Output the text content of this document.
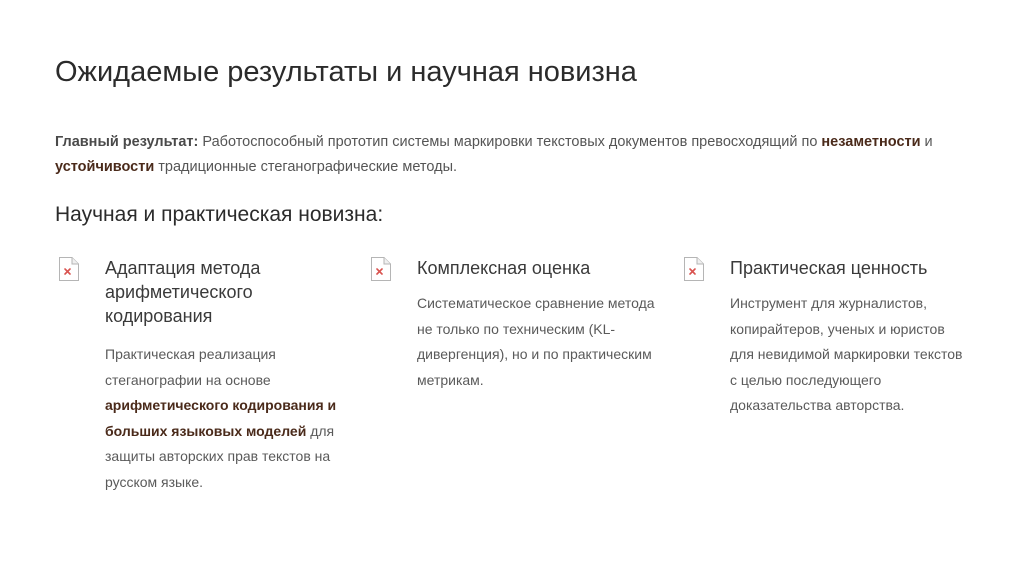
Ожидаемые результаты и научная новизна
Главный результат: Работоспособный прототип системы маркировки текстовых документов превосходящий по незаметности и устойчивости традиционные стеганографические методы.
Научная и практическая новизна:
Адаптация метода арифметического кодирования
Практическая реализация стеганографии на основе арифметического кодирования и больших языковых моделей для защиты авторских прав текстов на русском языке.
Комплексная оценка
Систематическое сравнение метода не только по техническим (KL-дивергенция), но и по практическим метрикам.
Практическая ценность
Инструмент для журналистов, копирайтеров, ученых и юристов для невидимой маркировки текстов с целью последующего доказательства авторства.
